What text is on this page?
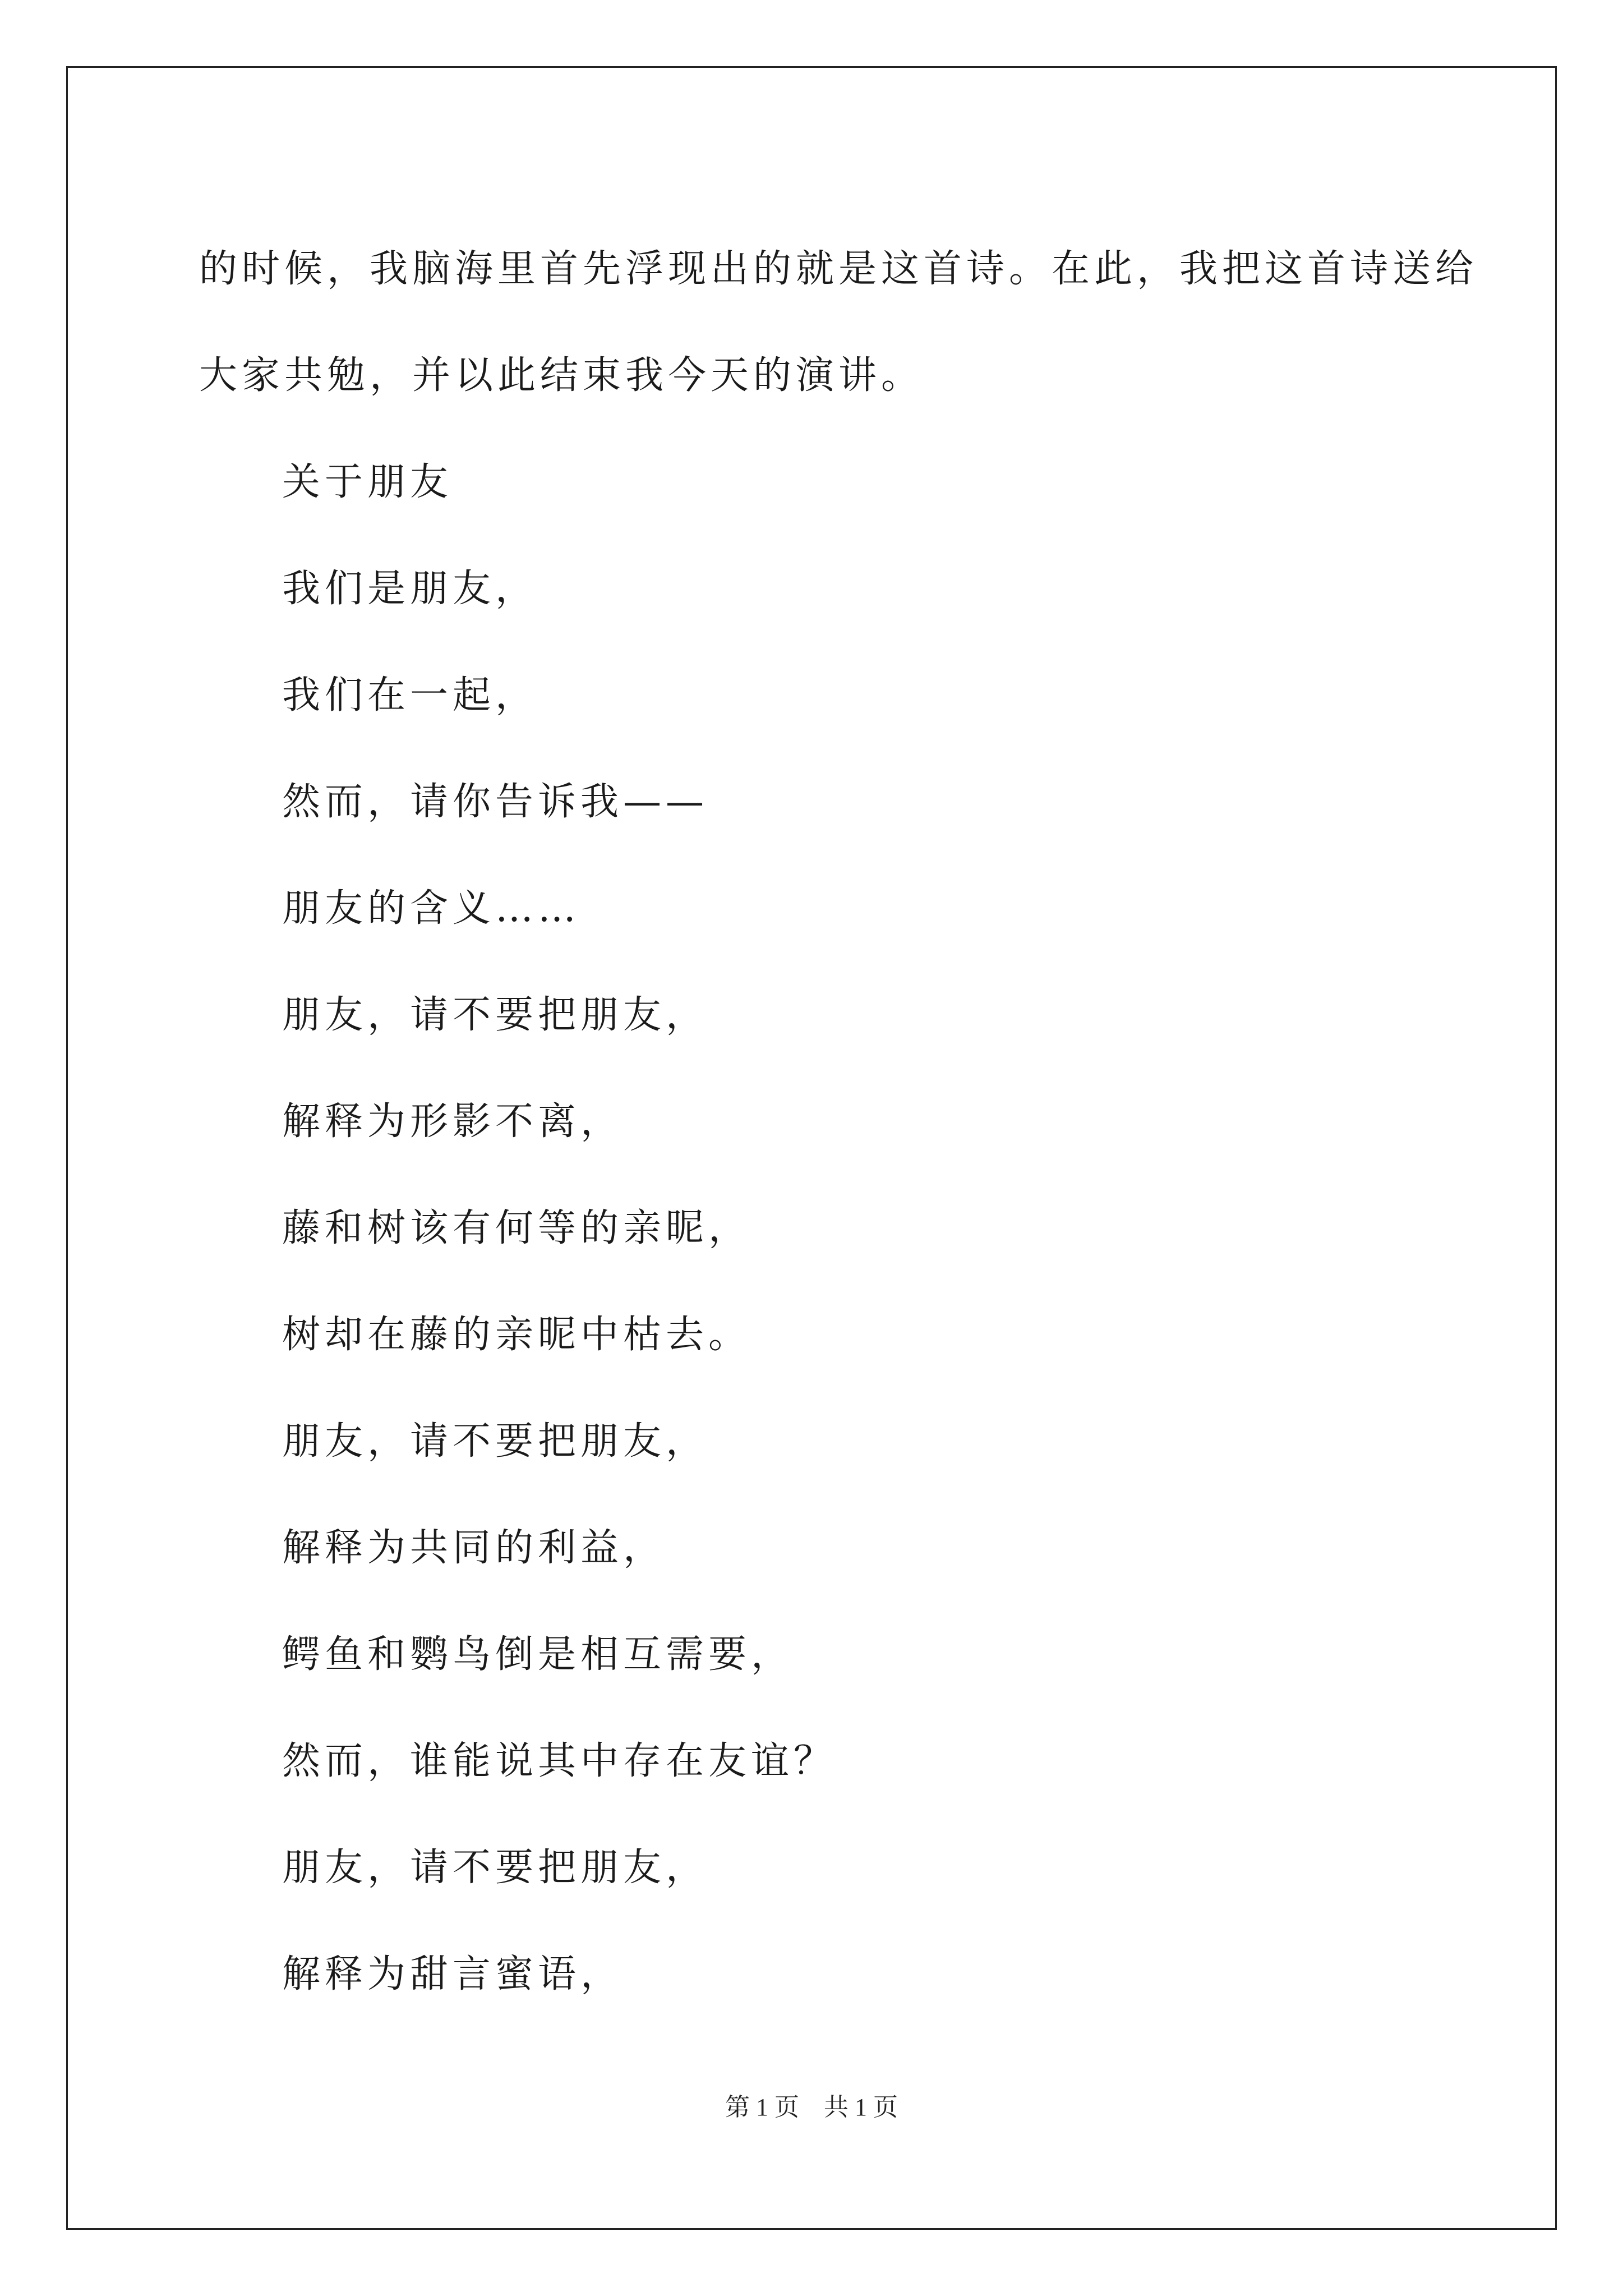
的时候，我脑海里首先浮现出的就是这首诗。在此，我把这首诗送给

大家共勉，并以此结束我今天的演讲。

关于朋友
我们是朋友，
我们在一起，
然而，请你告诉我——
朋友的含义……
朋友，请不要把朋友，
解释为形影不离，
藤和树该有何等的亲昵，
树却在藤的亲昵中枯去。
朋友，请不要把朋友，
解释为共同的利益，
鳄鱼和鹦鸟倒是相互需要，
然而，谁能说其中存在友谊？
朋友，请不要把朋友，
解释为甜言蜜语，
第 1 页    共 1 页
